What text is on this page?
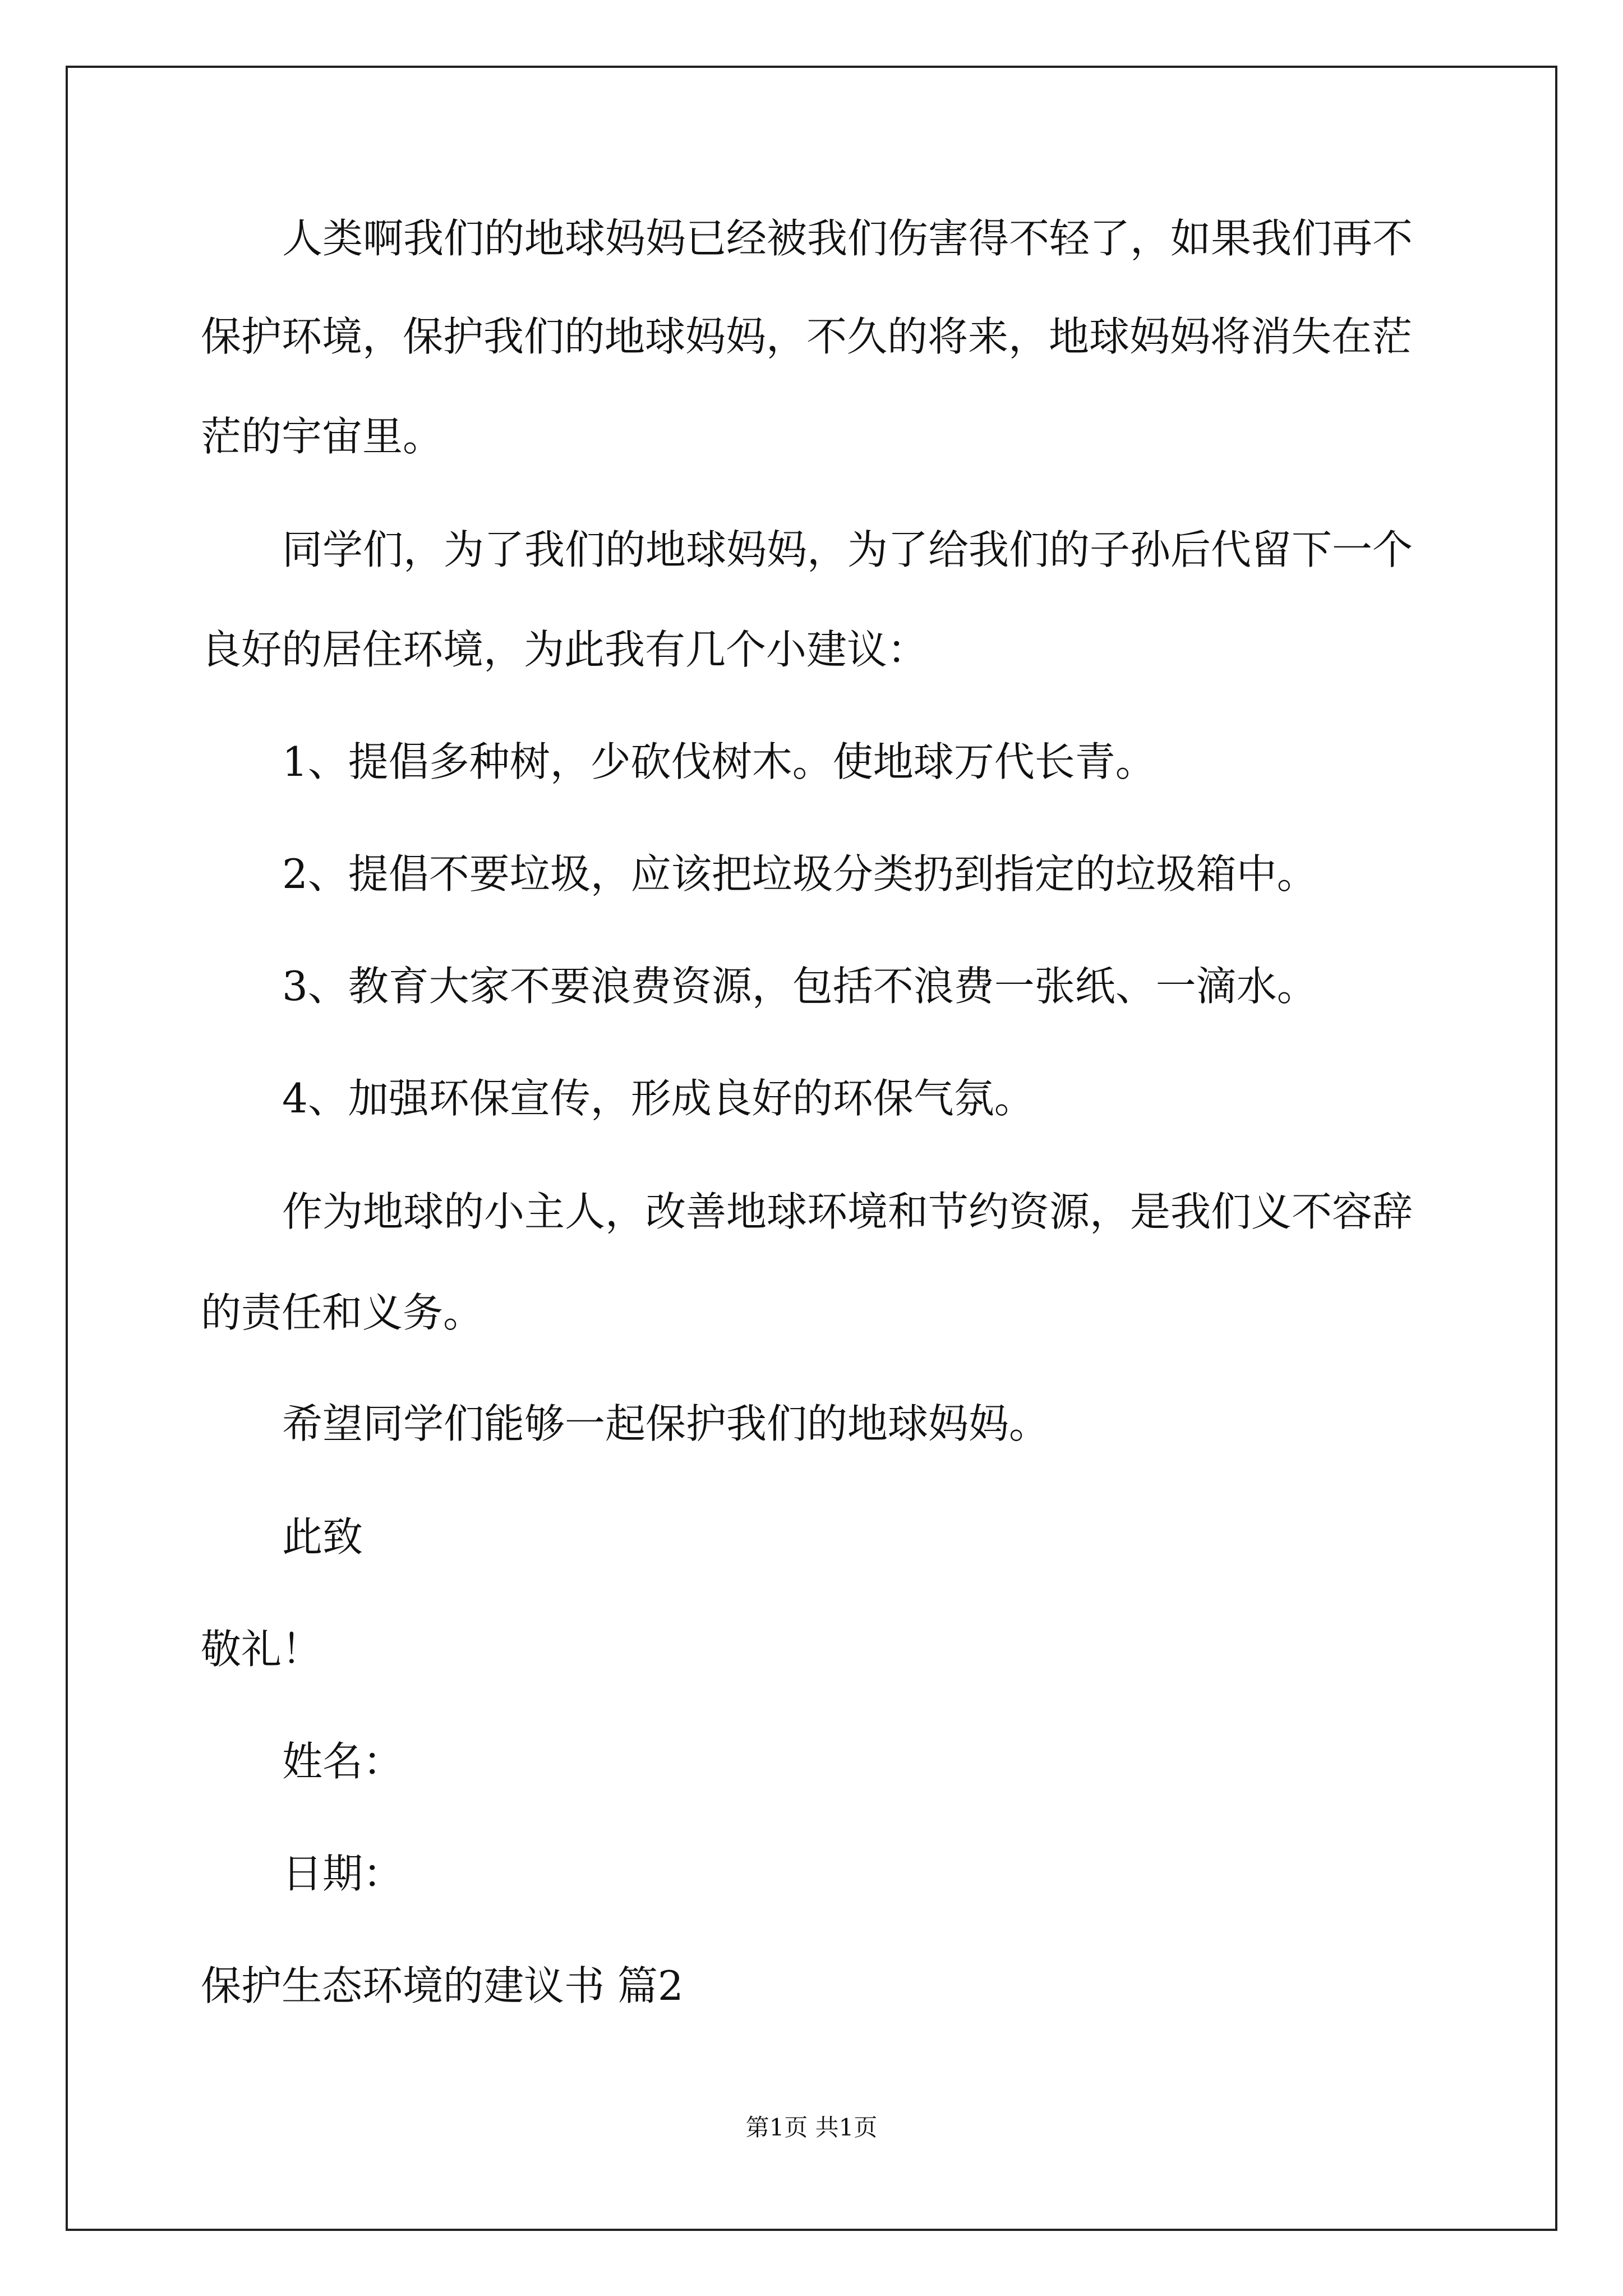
人类啊我们的地球妈妈已经被我们伤害得不轻了，如果我们再不
保护环境，保护我们的地球妈妈，不久的将来，地球妈妈将消失在茫
茫的宇宙里。
同学们，为了我们的地球妈妈，为了给我们的子孙后代留下一个
良好的居住环境，为此我有几个小建议：
1、提倡多种树，少砍伐树木。使地球万代长青。
2、提倡不要垃圾，应该把垃圾分类扔到指定的垃圾箱中。
3、教育大家不要浪费资源，包括不浪费一张纸、一滴水。
4、加强环保宣传，形成良好的环保气氛。
作为地球的小主人，改善地球环境和节约资源，是我们义不容辞
的责任和义务。
希望同学们能够一起保护我们的地球妈妈。
此致
敬礼！
姓名：
日期：
保护生态环境的建议书 篇2
第1页 共1页
